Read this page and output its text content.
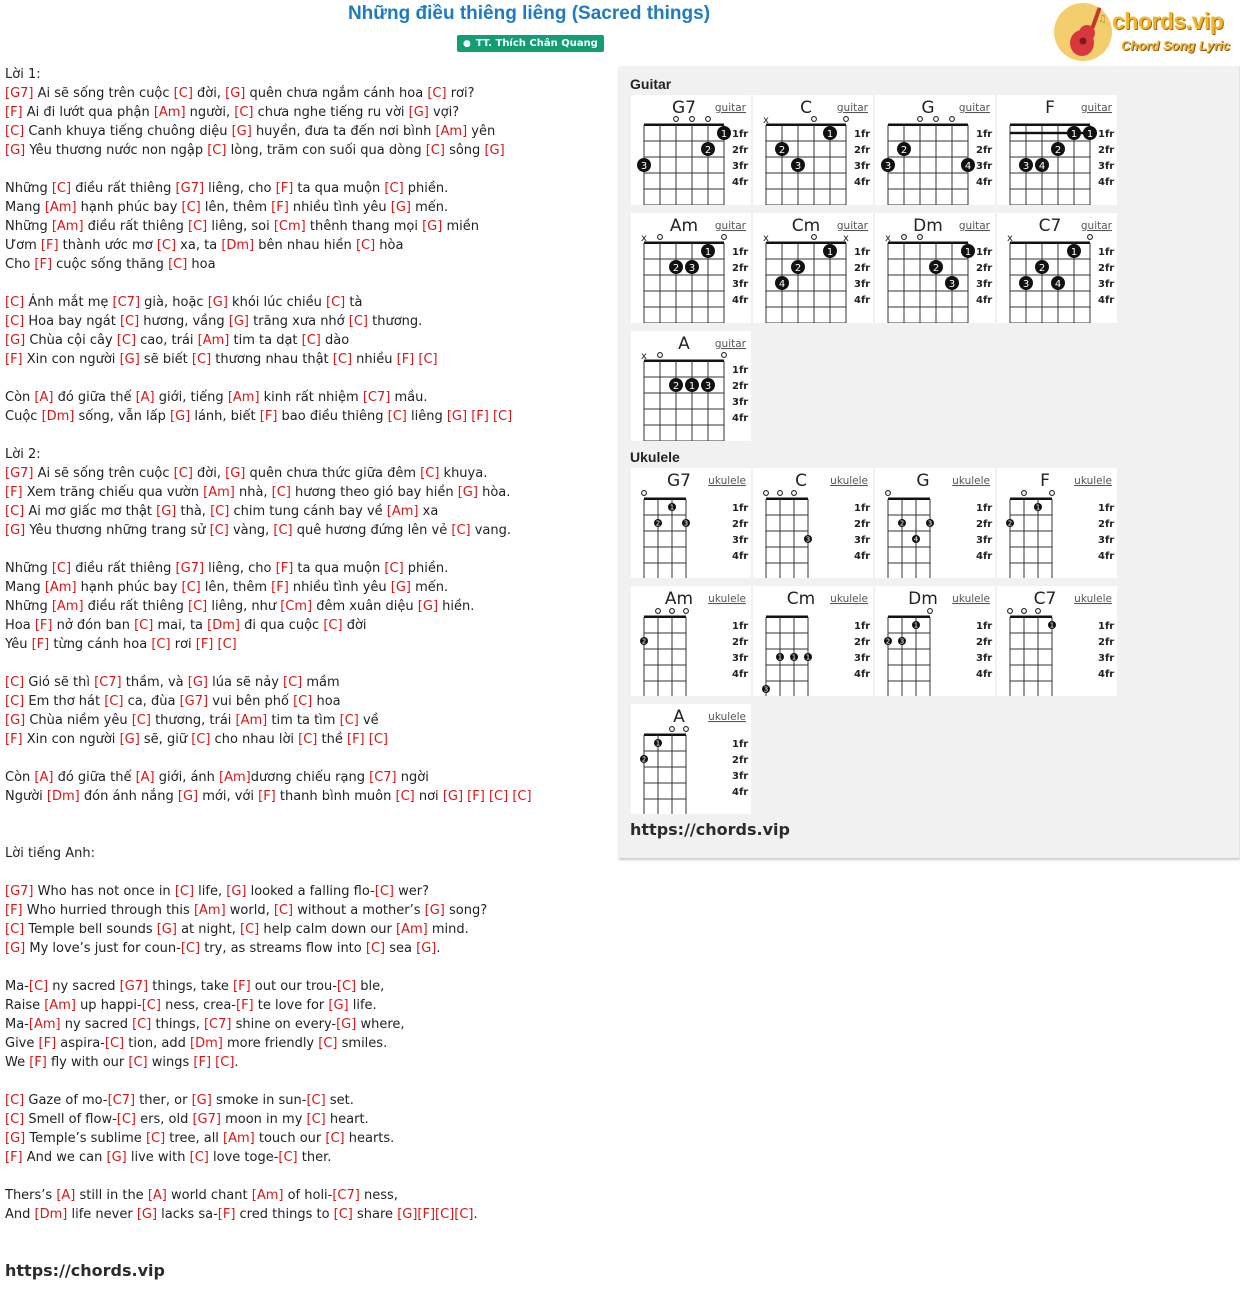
Những điều thiêng liêng (Sacred things)
● TT. Thích Chân Quang
♫ chords.vip
Chord Song Lyric
Lời 1:
[G7] Ai sẽ sống trên cuộc [C] đời, [G] quên chưa ngắm cánh hoa [C] rơi?
[F] Ai đi lướt qua phận [Am] người, [C] chưa nghe tiếng ru vời [G] vợi?
[C] Canh khuya tiếng chuông diệu [G] huyền, đưa ta đến nơi bình [Am] yên
[G] Yêu thương nước non ngập [C] lòng, trăm con suối qua dòng [C] sông [G]
Những [C] điều rất thiêng [G7] liêng, cho [F] ta qua muộn [C] phiền.
Mang [Am] hạnh phúc bay [C] lên, thêm [F] nhiều tình yêu [G] mến.
Những [Am] điều rất thiêng [C] liêng, soi [Cm] thênh thang mọi [G] miền
Ươm [F] thành ước mơ [C] xa, ta [Dm] bên nhau hiền [C] hòa
Cho [F] cuộc sống thăng [C] hoa
[C] Ánh mắt mẹ [C7] già, hoặc [G] khói lúc chiều [C] tà
[C] Hoa bay ngát [C] hương, vầng [G] trăng xưa nhớ [C] thương.
[G] Chùa cội cây [C] cao, trái [Am] tim ta dạt [C] dào
[F] Xin con người [G] sẽ biết [C] thương nhau thật [C] nhiều [F] [C]
Còn [A] đó giữa thế [A] giới, tiếng [Am] kinh rất nhiệm [C7] mầu.
Cuộc [Dm] sống, vẫn lấp [G] lánh, biết [F] bao điều thiêng [C] liêng [G] [F] [C]
Lời 2:
[G7] Ai sẽ sống trên cuộc [C] đời, [G] quên chưa thức giữa đêm [C] khuya.
[F] Xem trăng chiếu qua vườn [Am] nhà, [C] hương theo gió bay hiền [G] hòa.
[C] Ai mơ giấc mơ thật [G] thà, [C] chim tung cánh bay về [Am] xa
[G] Yêu thương những trang sử [C] vàng, [C] quê hương đứng lên vẻ [C] vang.
Những [C] điều rất thiêng [G7] liêng, cho [F] ta qua muộn [C] phiền.
Mang [Am] hạnh phúc bay [C] lên, thêm [F] nhiều tình yêu [G] mến.
Những [Am] điều rất thiêng [C] liêng, như [Cm] đêm xuân diệu [G] hiền.
Hoa [F] nở đón ban [C] mai, ta [Dm] đi qua cuộc [C] đời
Yêu [F] từng cánh hoa [C] rơi [F] [C]
[C] Gió sẽ thì [C7] thầm, và [G] lúa sẽ nảy [C] mầm
[C] Em thơ hát [C] ca, đùa [G7] vui bên phố [C] hoa
[G] Chùa niềm yêu [C] thương, trái [Am] tim ta tìm [C] về
[F] Xin con người [G] sẽ, giữ [C] cho nhau lời [C] thề [F] [C]
Còn [A] đó giữa thế [A] giới, ánh [Am]dương chiếu rạng [C7] ngời
Người [Dm] đón ánh nắng [G] mới, với [F] thanh bình muôn [C] nơi [G] [F] [C] [C]
Lời tiếng Anh:
[G7] Who has not once in [C] life, [G] looked a falling flo-[C] wer?
[F] Who hurried through this [Am] world, [C] without a mother’s [G] song?
[C] Temple bell sounds [G] at night, [C] help calm down our [Am] mind.
[G] My love’s just for coun-[C] try, as streams flow into [C] sea [G].
Ma-[C] ny sacred [G7] things, take [F] out our trou-[C] ble,
Raise [Am] up happi-[C] ness, crea-[F] te love for [G] life.
Ma-[Am] ny sacred [C] things, [C7] shine on every-[G] where,
Give [F] aspira-[C] tion, add [Dm] more friendly [C] smiles.
We [F] fly with our [C] wings [F] [C].
[C] Gaze of mo-[C7] ther, or [G] smoke in sun-[C] set.
[C] Smell of flow-[C] ers, old [G7] moon in my [C] heart.
[G] Temple’s sublime [C] tree, all [Am] touch our [C] hearts.
[F] And we can [G] live with [C] love toge-[C] ther.
Thers’s [A] still in the [A] world chant [Am] of holi-[C7] ness,
And [Dm] life never [G] lacks sa-[F] cred things to [C] share [G][F][C][C].
https://chords.vip
Guitar
Ukulele
https://chords.vip
G7 guitar
1fr
2fr
3fr
4fr
1
2
3
C guitar
1fr
2fr
3fr
4fr
x
2
1
3
G guitar
1fr
2fr
3fr
4fr
2
3	4
F guitar
1fr
2fr
3fr
4fr
1 1
2
3 4
Am guitar
1fr
2fr
3fr
4fr
x
1
2 3
Cm guitar
1fr
2fr
3fr
4fr
x	x
2
1
4
Dm guitar
1fr
2fr
3fr
4fr
x
1
2
3
C7 guitar
1fr
2fr
3fr
4fr
x
1
2
3	4
A guitar
1fr
2fr
3fr
4fr
x
1
2	3
G7 ukulele
1fr
2fr
3fr
4fr
2	3
1
C ukulele
1fr
2fr
3fr
4fr
3
G ukulele
1fr
2fr
3fr
4fr
2	3
4
F ukulele
1fr
2fr
3fr
4fr
2
1
Am ukulele
1fr
2fr
3fr
4fr
2
Cm ukulele
1fr
2fr
3fr
4fr
1 1 1
3
Dm ukulele
1fr
2fr
3fr
4fr
2 3
1
C7 ukulele
1fr
2fr
3fr
4fr
1
A ukulele
1fr
2fr
3fr
4fr
2
1
